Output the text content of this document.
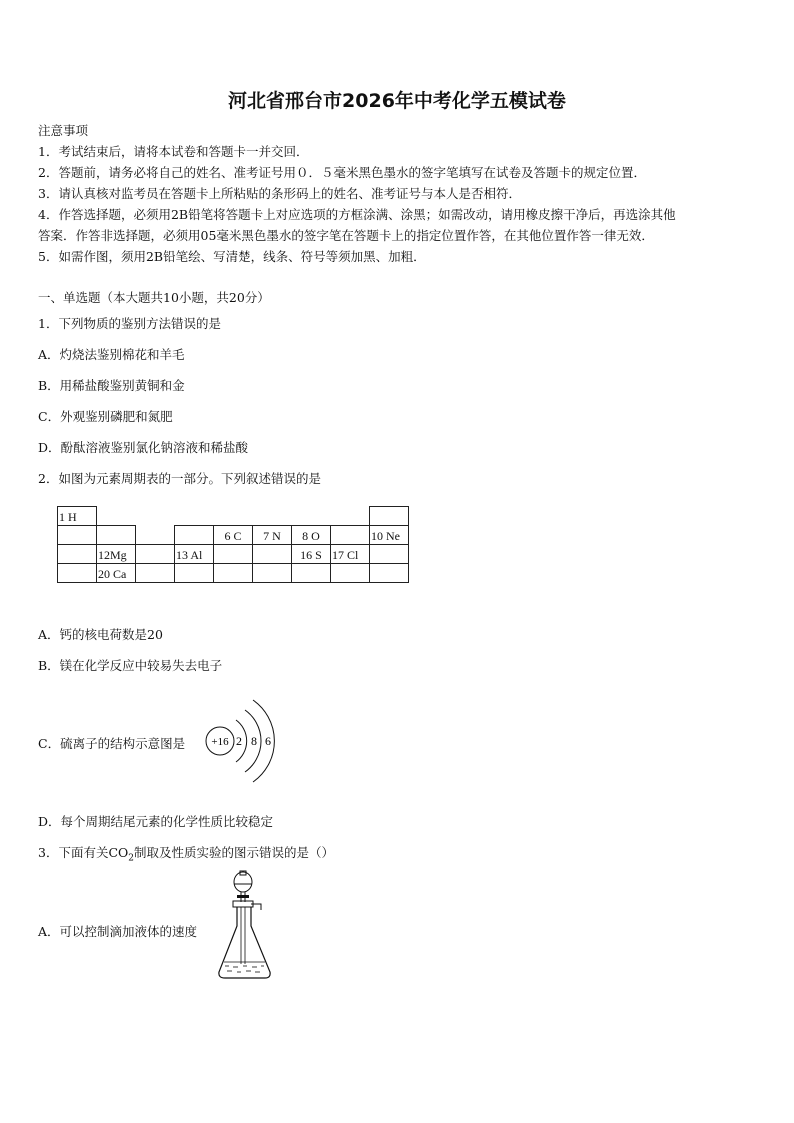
河北省邢台市2026年中考化学五模试卷
注意事项
1．考试结束后，请将本试卷和答题卡一并交回．
2．答题前，请务必将自己的姓名、准考证号用０．５毫米黑色墨水的签字笔填写在试卷及答题卡的规定位置．
3．请认真核对监考员在答题卡上所粘贴的条形码上的姓名、准考证号与本人是否相符．
4．作答选择题，必须用2B铅笔将答题卡上对应选项的方框涂满、涂黑；如需改动，请用橡皮擦干净后，再选涂其他
答案．作答非选择题，必须用05毫米黑色墨水的签字笔在答题卡上的指定位置作答，在其他位置作答一律无效．
5．如需作图，须用2B铅笔绘、写清楚，线条、符号等须加黑、加粗．
一、单选题（本大题共10小题，共20分）
1．下列物质的鉴别方法错误的是
A．灼烧法鉴别棉花和羊毛
B．用稀盐酸鉴别黄铜和金
C．外观鉴别磷肥和氮肥
D．酚酞溶液鉴别氯化钠溶液和稀盐酸
2．如图为元素周期表的一部分。下列叙述错误的是
1 H								
				6 C	7 N	8 O		10 Ne
	12Mg		13 Al			16 S	17 Cl	
	20 Ca							
A．钙的核电荷数是20
B．镁在化学反应中较易失去电子
C．硫离子的结构示意图是 +16 2 8 6
D．每个周期结尾元素的化学性质比较稳定
3．下面有关$CO_2$制取及性质实验的图示错误的是（）
A．可以控制滴加液体的速度
